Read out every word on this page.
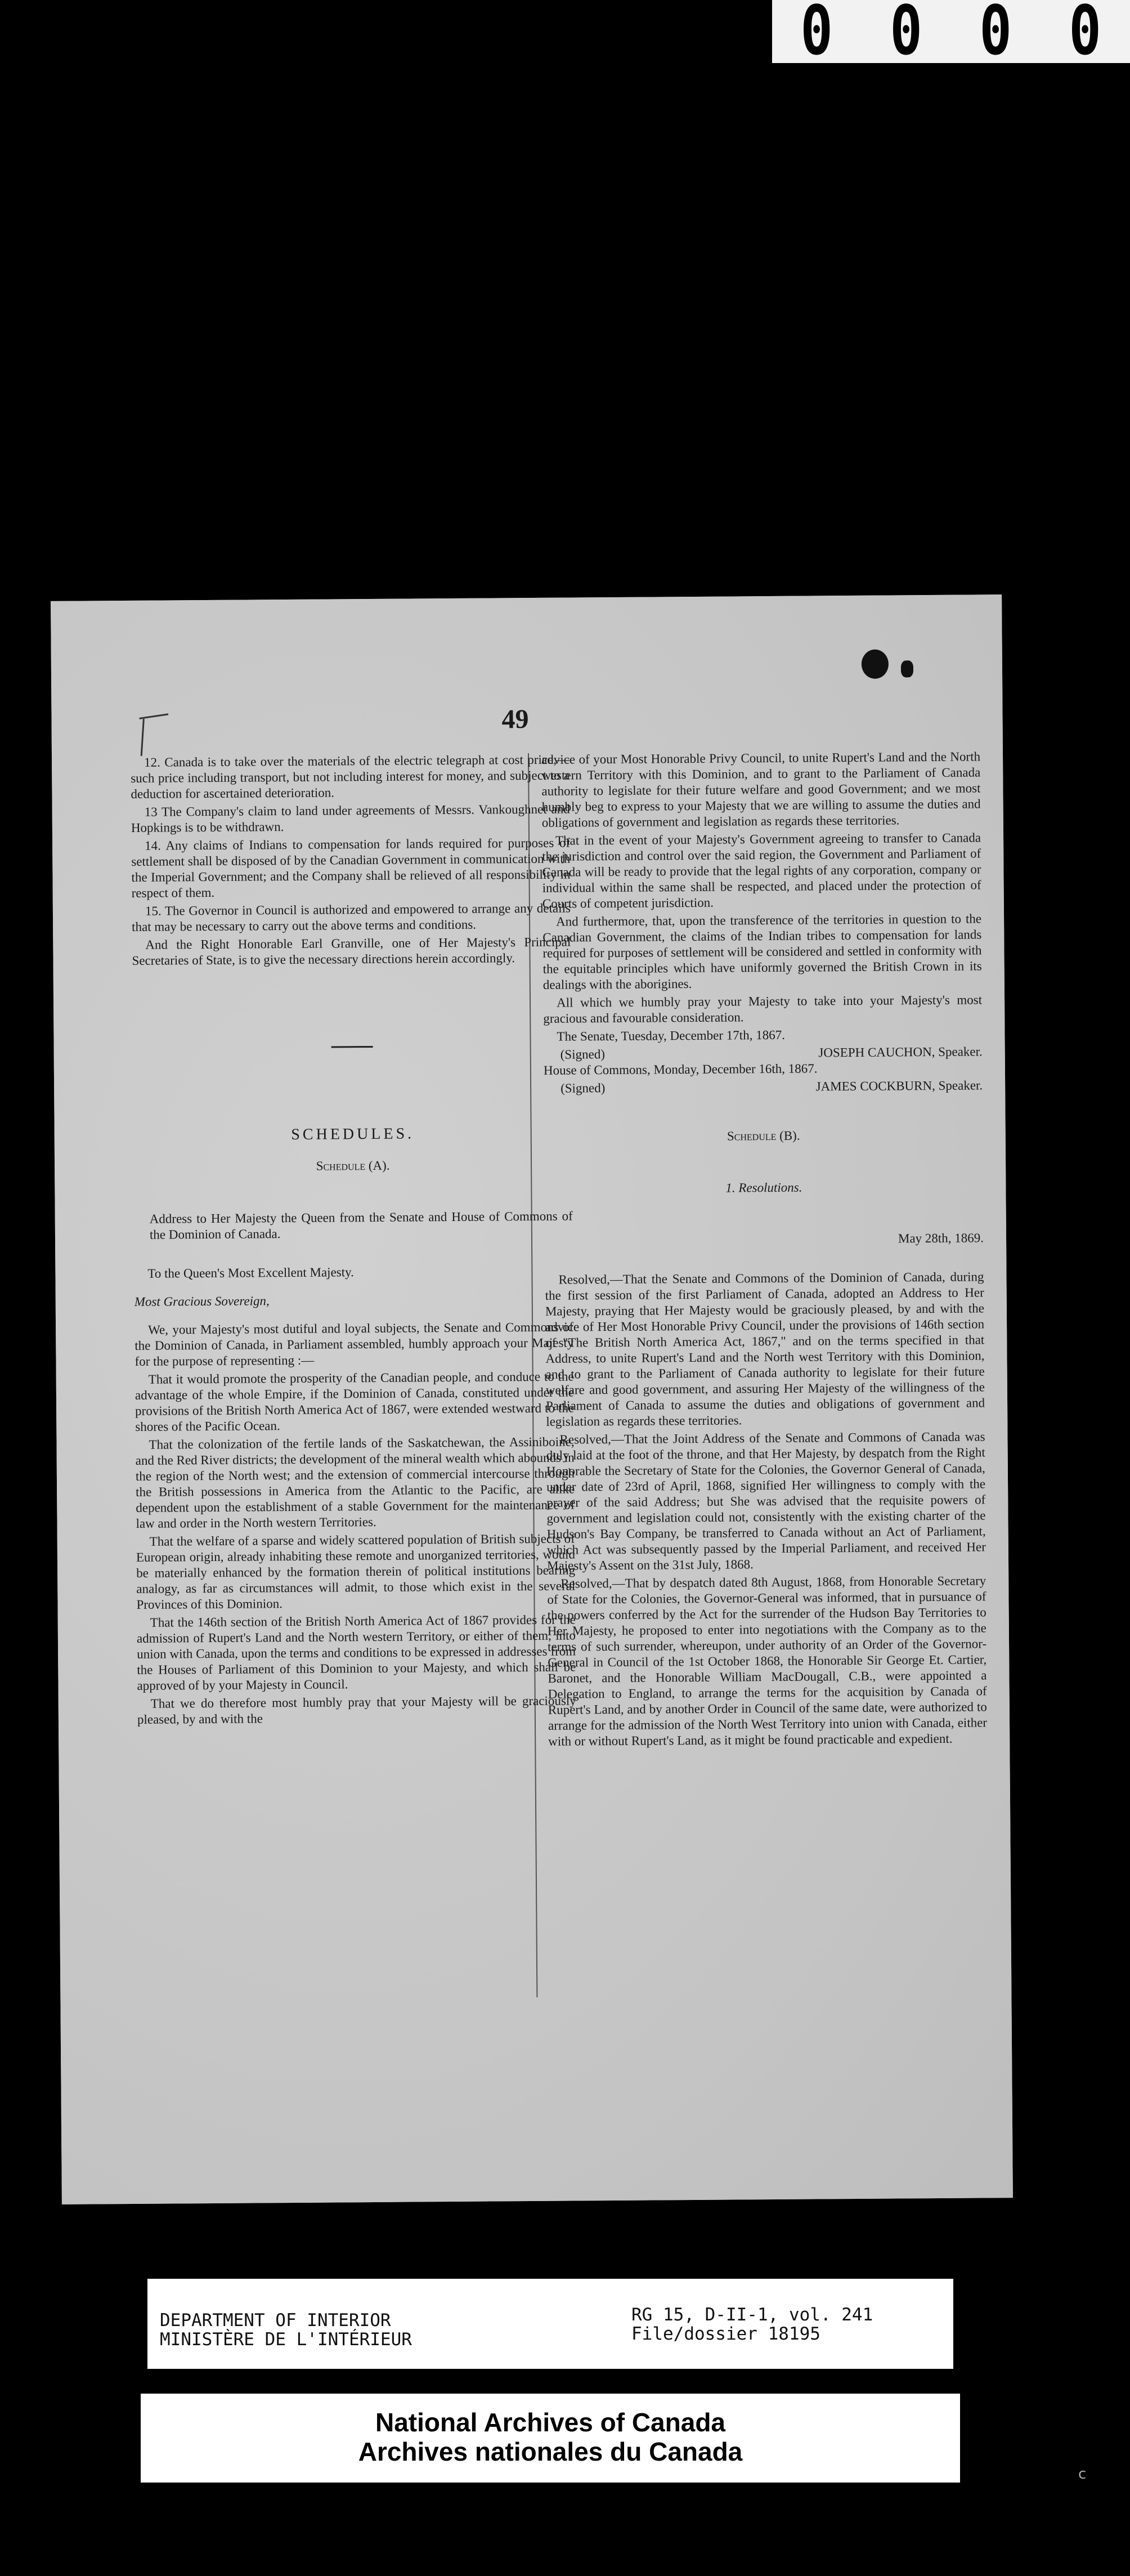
0 0 0 0
49

12. Canada is to take over the materials of the electric telegraph at cost price,—such price including transport, but not including interest for money, and subject to a deduction for ascertained deterioration.

13 The Company's claim to land under agreements of Messrs. Vankoughnet and Hopkings is to be withdrawn.

14. Any claims of Indians to compensation for lands required for purposes of settlement shall be disposed of by the Canadian Government in communication with the Imperial Government; and the Company shall be relieved of all responsibility in respect of them.

15. The Governor in Council is authorized and empowered to arrange any details that may be necessary to carry out the above terms and conditions.

And the Right Honorable Earl Granville, one of Her Majesty's Principal Secretaries of State, is to give the necessary directions herein accordingly.

SCHEDULES.

Schedule (A).

Address to Her Majesty the Queen from the Senate and House of Commons of the Dominion of Canada.

To the Queen's Most Excellent Majesty.

Most Gracious Sovereign,

We, your Majesty's most dutiful and loyal subjects, the Senate and Commons of the Dominion of Canada, in Parliament assembled, humbly approach your Majesty for the purpose of representing :—

That it would promote the prosperity of the Canadian people, and conduce to the advantage of the whole Empire, if the Dominion of Canada, constituted under the provisions of the British North America Act of 1867, were extended westward to the shores of the Pacific Ocean.

That the colonization of the fertile lands of the Saskatchewan, the Assiniboine, and the Red River districts; the development of the mineral wealth which abounds in the region of the North west; and the extension of commercial intercourse through the British possessions in America from the Atlantic to the Pacific, are alike dependent upon the establishment of a stable Government for the maintenance of law and order in the North western Territories.

That the welfare of a sparse and widely scattered population of British subjects of European origin, already inhabiting these remote and unorganized territories, would be materially enhanced by the formation therein of political institutions bearing analogy, as far as circumstances will admit, to those which exist in the several Provinces of this Dominion.

That the 146th section of the British North America Act of 1867 provides for the admission of Rupert's Land and the North western Territory, or either of them, into union with Canada, upon the terms and conditions to be expressed in addresses from the Houses of Parliament of this Dominion to your Majesty, and which shall be approved of by your Majesty in Council.

That we do therefore most humbly pray that your Majesty will be graciously pleased, by and with the

advice of your Most Honorable Privy Council, to unite Rupert's Land and the North western Territory with this Dominion, and to grant to the Parliament of Canada authority to legislate for their future welfare and good Government; and we most humbly beg to express to your Majesty that we are willing to assume the duties and obligations of government and legislation as regards these territories.

That in the event of your Majesty's Government agreeing to transfer to Canada the jurisdiction and control over the said region, the Government and Parliament of Canada will be ready to provide that the legal rights of any corporation, company or individual within the same shall be respected, and placed under the protection of Courts of competent jurisdiction.

And furthermore, that, upon the transference of the territories in question to the Canadian Government, the claims of the Indian tribes to compensation for lands required for purposes of settlement will be considered and settled in conformity with the equitable principles which have uniformly governed the British Crown in its dealings with the aborigines.

All which we humbly pray your Majesty to take into your Majesty's most gracious and favourable consideration.

The Senate, Tuesday, December 17th, 1867.

(Signed)	JOSEPH CAUCHON, Speaker.

House of Commons, Monday, December 16th, 1867.

(Signed)	JAMES COCKBURN, Speaker.

Schedule (B).

1. Resolutions.

May 28th, 1869.

Resolved,—That the Senate and Commons of the Dominion of Canada, during the first session of the first Parliament of Canada, adopted an Address to Her Majesty, praying that Her Majesty would be graciously pleased, by and with the advice of Her Most Honorable Privy Council, under the provisions of 146th section of "The British North America Act, 1867," and on the terms specified in that Address, to unite Rupert's Land and the North west Territory with this Dominion, and to grant to the Parliament of Canada authority to legislate for their future welfare and good government, and assuring Her Majesty of the willingness of the Parliament of Canada to assume the duties and obligations of government and legislation as regards these territories.

Resolved,—That the Joint Address of the Senate and Commons of Canada was duly laid at the foot of the throne, and that Her Majesty, by despatch from the Right Honorable the Secretary of State for the Colonies, the Governor General of Canada, under date of 23rd of April, 1868, signified Her willingness to comply with the prayer of the said Address; but She was advised that the requisite powers of government and legislation could not, consistently with the existing charter of the Hudson's Bay Company, be transferred to Canada without an Act of Parliament, which Act was subsequently passed by the Imperial Parliament, and received Her Majesty's Assent on the 31st July, 1868.

Resolved,—That by despatch dated 8th August, 1868, from Honorable Secretary of State for the Colonies, the Governor-General was informed, that in pursuance of the powers conferred by the Act for the surrender of the Hudson Bay Territories to Her Majesty, he proposed to enter into negotiations with the Company as to the terms of such surrender, whereupon, under authority of an Order of the Governor-General in Council of the 1st October 1868, the Honorable Sir George Et. Cartier, Baronet, and the Honorable William MacDougall, C.B., were appointed a Delegation to England, to arrange the terms for the acquisition by Canada of Rupert's Land, and by another Order in Council of the same date, were authorized to arrange for the admission of the North West Territory into union with Canada, either with or without Rupert's Land, as it might be found practicable and expedient.

DEPARTMENT OF INTERIOR
MINISTÈRE DE L'INTÉRIEUR
RG 15, D-II-1, vol. 241
File/dossier 18195
National Archives of Canada
Archives nationales du Canada
c
